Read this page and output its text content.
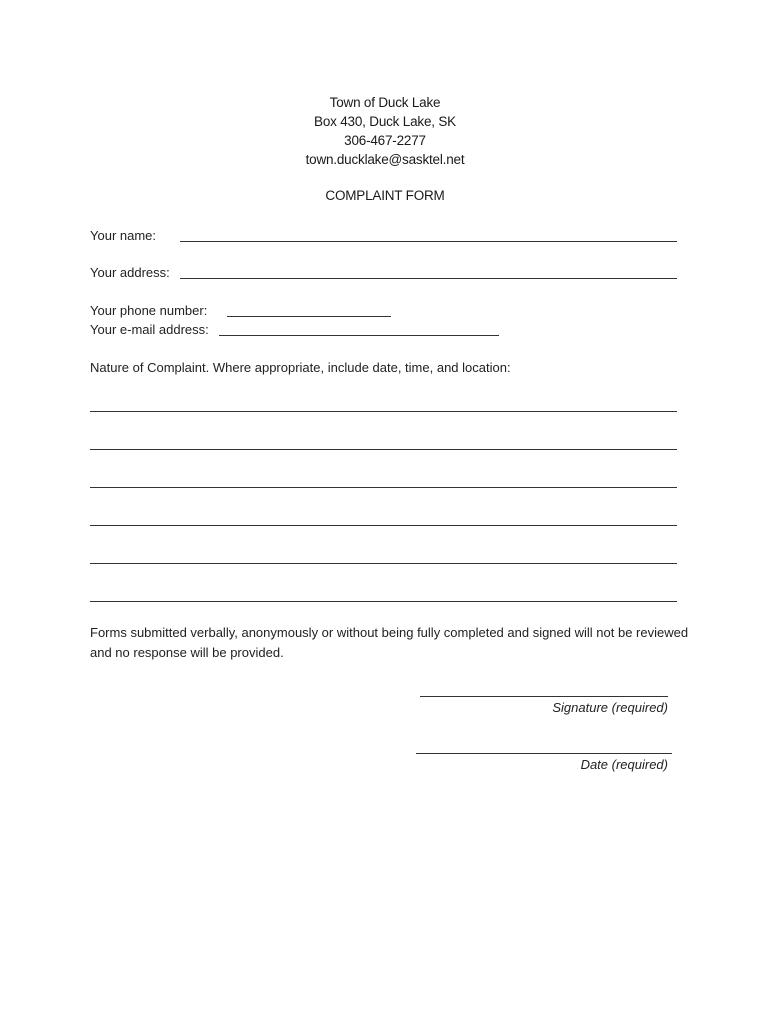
Town of Duck Lake
Box 430, Duck Lake, SK
306-467-2277
town.ducklake@sasktel.net
COMPLAINT FORM
Your name:
Your address:
Your phone number:
Your e-mail address:
Nature of Complaint. Where appropriate, include date, time, and location:
Forms submitted verbally, anonymously or without being fully completed and signed will not be reviewed and no response will be provided.
Signature (required)
Date (required)
